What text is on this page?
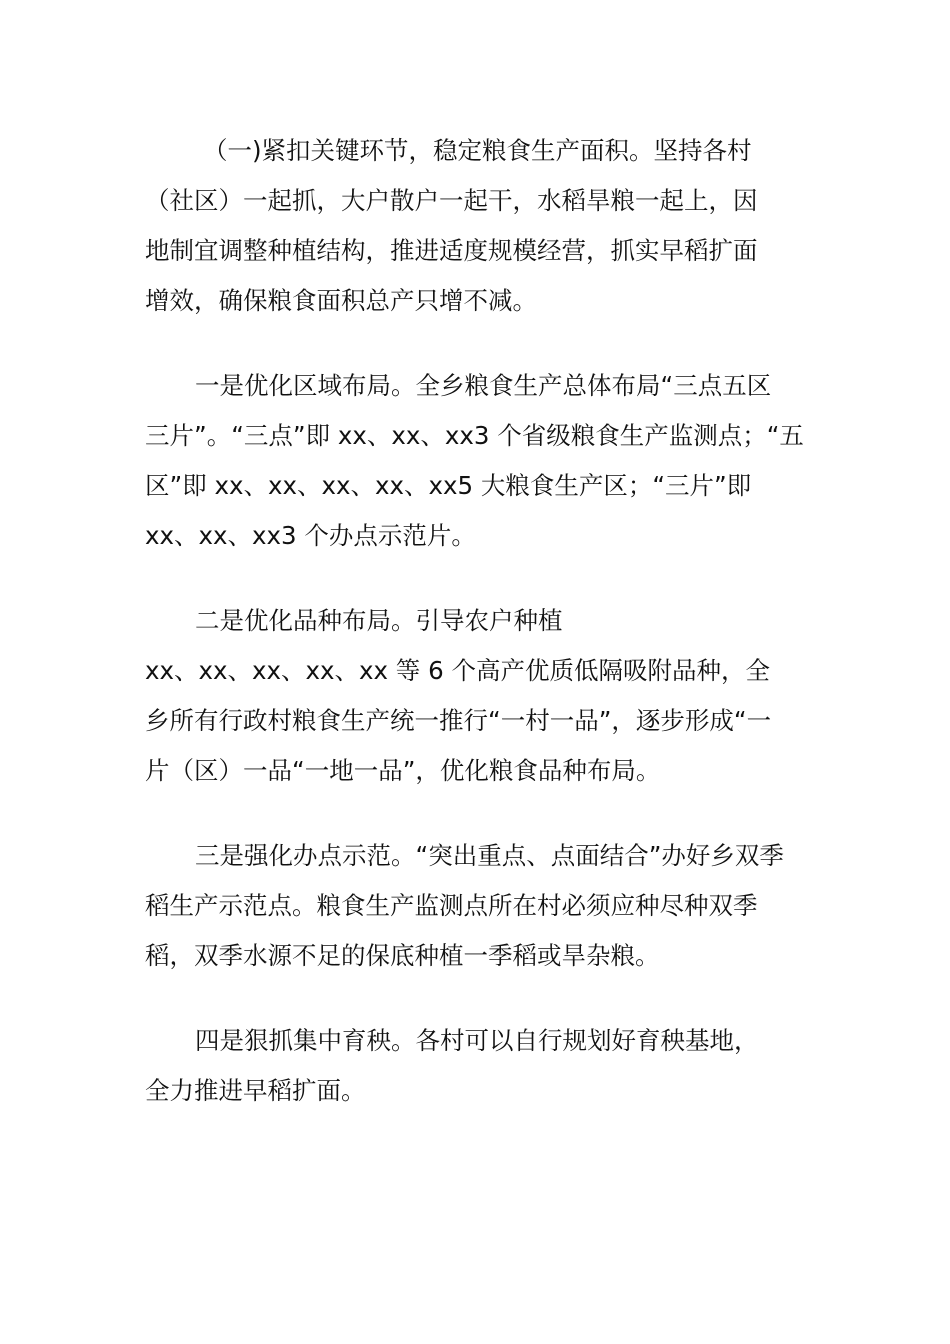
（一)紧扣关键环节，稳定粮食生产面积。坚持各村
（社区）一起抓，大户散户一起干，水稻旱粮一起上，因
地制宜调整种植结构，推进适度规模经营，抓实早稻扩面
增效，确保粮食面积总产只增不减。
一是优化区域布局。全乡粮食生产总体布局“三点五区
三片”。“三点”即 xx、xx、xx3 个省级粮食生产监测点；“五
区”即 xx、xx、xx、xx、xx5 大粮食生产区；“三片”即
xx、xx、xx3 个办点示范片。
二是优化品种布局。引导农户种植
xx、xx、xx、xx、xx 等 6 个高产优质低隔吸附品种，全
乡所有行政村粮食生产统一推行“一村一品”，逐步形成“一
片（区）一品“一地一品”，优化粮食品种布局。
三是强化办点示范。“突出重点、点面结合”办好乡双季
稻生产示范点。粮食生产监测点所在村必须应种尽种双季
稻，双季水源不足的保底种植一季稻或旱杂粮。
四是狠抓集中育秧。各村可以自行规划好育秧基地，
全力推进早稻扩面。
